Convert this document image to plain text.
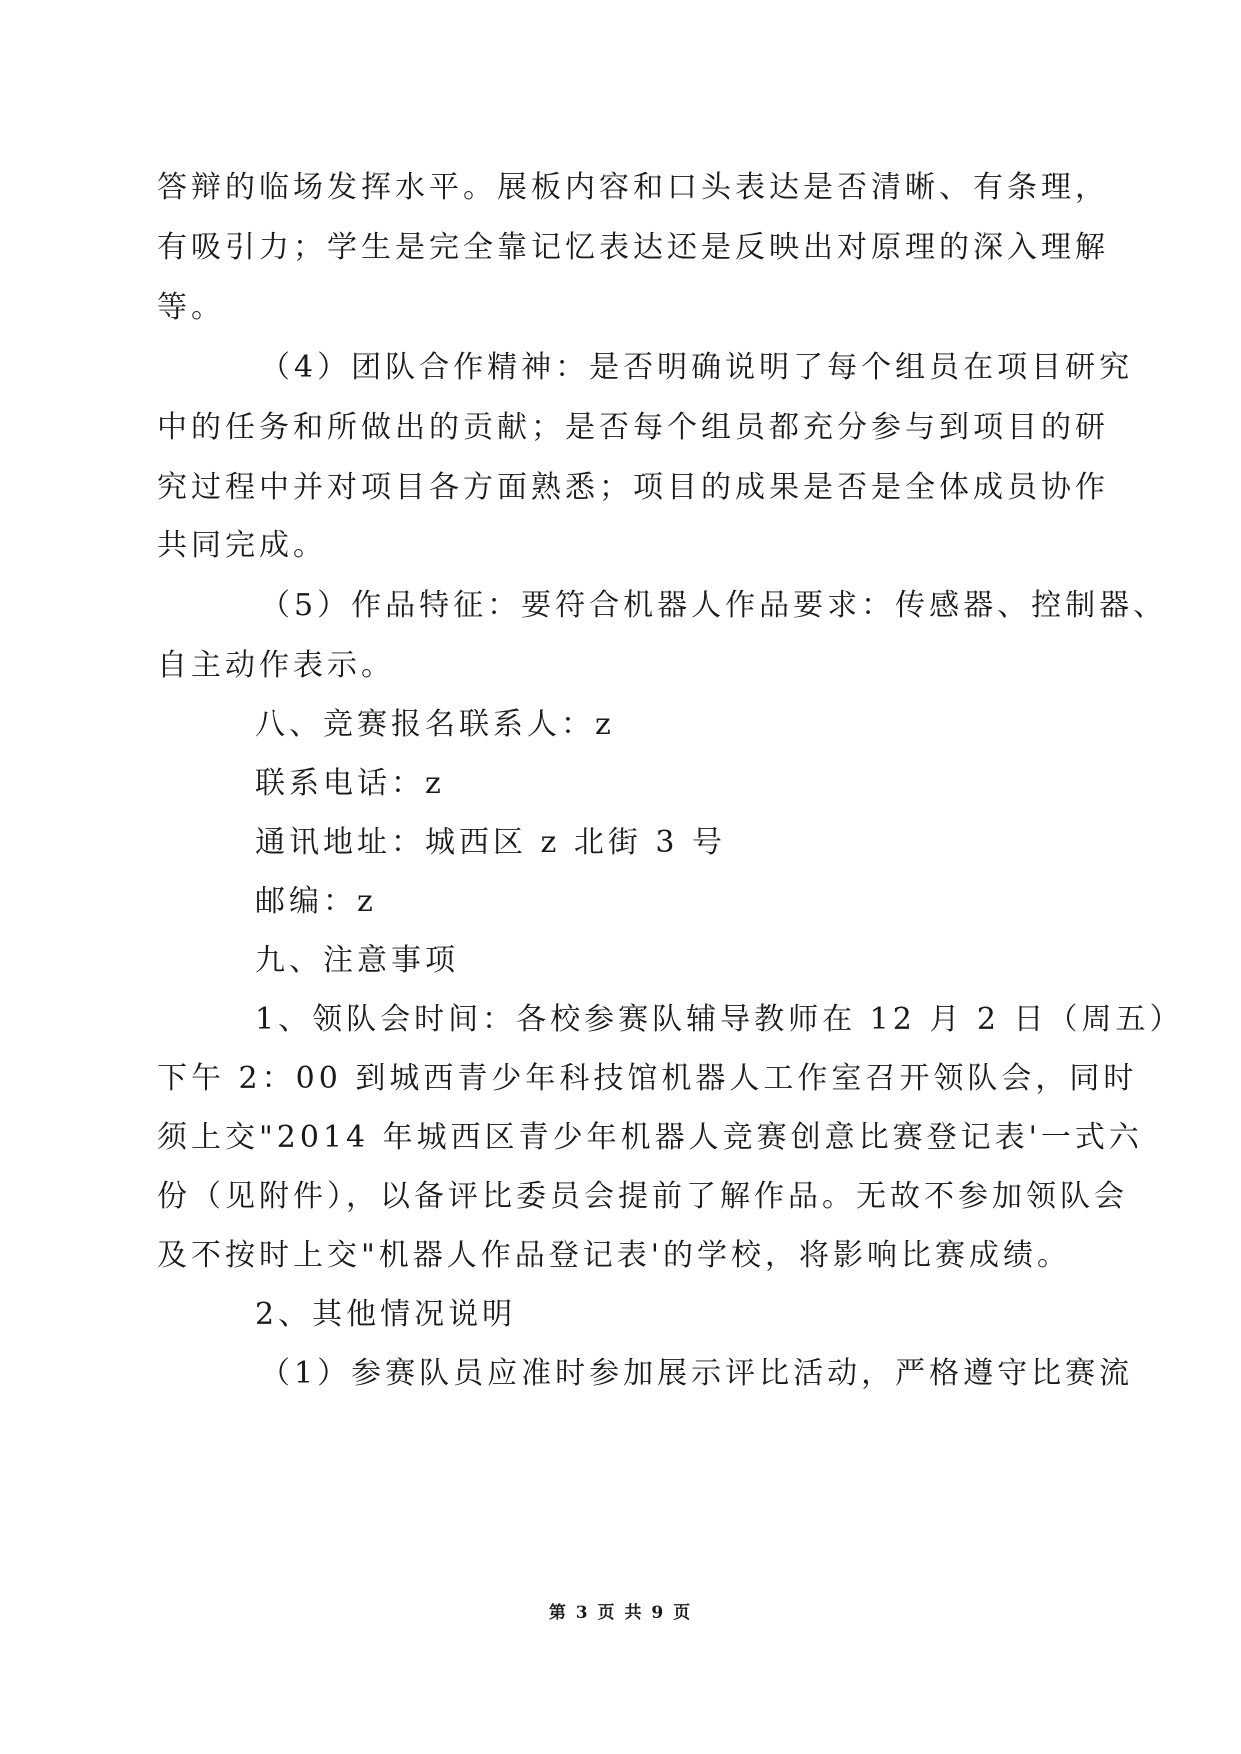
答辩的临场发挥水平。展板内容和口头表达是否清晰、有条理，
有吸引力；学生是完全靠记忆表达还是反映出对原理的深入理解
等。
（4）团队合作精神：是否明确说明了每个组员在项目研究
中的任务和所做出的贡献；是否每个组员都充分参与到项目的研
究过程中并对项目各方面熟悉；项目的成果是否是全体成员协作
共同完成。
（5）作品特征：要符合机器人作品要求：传感器、控制器、
自主动作表示。
八、竞赛报名联系人：z
联系电话：z
通讯地址：城西区 z 北街 3 号
邮编：z
九、注意事项
1、领队会时间：各校参赛队辅导教师在 12 月 2 日（周五）
下午 2：00 到城西青少年科技馆机器人工作室召开领队会，同时
须上交"2014 年城西区青少年机器人竞赛创意比赛登记表'一式六
份（见附件），以备评比委员会提前了解作品。无故不参加领队会
及不按时上交"机器人作品登记表'的学校，将影响比赛成绩。
2、其他情况说明
（1）参赛队员应准时参加展示评比活动，严格遵守比赛流
第 3 页 共 9 页
